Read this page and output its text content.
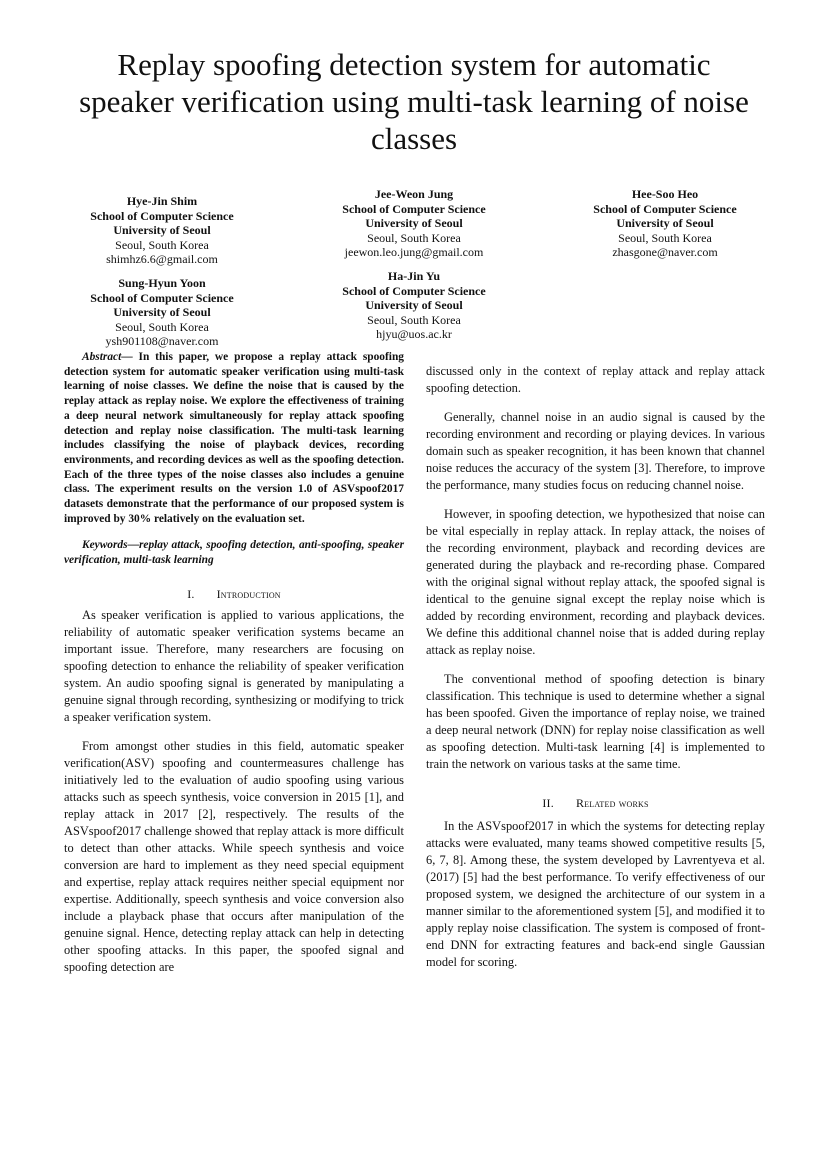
Replay spoofing detection system for automatic speaker verification using multi-task learning of noise classes
Hye-Jin Shim
School of Computer Science
University of Seoul
Seoul, South Korea
shimhz6.6@gmail.com
Jee-Weon Jung
School of Computer Science
University of Seoul
Seoul, South Korea
jeewon.leo.jung@gmail.com
Hee-Soo Heo
School of Computer Science
University of Seoul
Seoul, South Korea
zhasgone@naver.com
Sung-Hyun Yoon
School of Computer Science
University of Seoul
Seoul, South Korea
ysh901108@naver.com
Ha-Jin Yu
School of Computer Science
University of Seoul
Seoul, South Korea
hjyu@uos.ac.kr

Abstract— In this paper, we propose a replay attack spoofing detection system for automatic speaker verification using multi-task learning of noise classes. We define the noise that is caused by the replay attack as replay noise. We explore the effectiveness of training a deep neural network simultaneously for replay attack spoofing detection and replay noise classification. The multi-task learning includes classifying the noise of playback devices, recording environments, and recording devices as well as the spoofing detection. Each of the three types of the noise classes also includes a genuine class. The experiment results on the version 1.0 of ASVspoof2017 datasets demonstrate that the performance of our proposed system is improved by 30% relatively on the evaluation set.

Keywords—replay attack, spoofing detection, anti-spoofing, speaker verification, multi-task learning

I. Introduction

As speaker verification is applied to various applications, the reliability of automatic speaker verification systems became an important issue. Therefore, many researchers are focusing on spoofing detection to enhance the reliability of speaker verification system. An audio spoofing signal is generated by manipulating a genuine signal through recording, synthesizing or modifying to trick a speaker verification system.

From amongst other studies in this field, automatic speaker verification(ASV) spoofing and countermeasures challenge has initiatively led to the evaluation of audio spoofing using various attacks such as speech synthesis, voice conversion in 2015 [1], and replay attack in 2017 [2], respectively. The results of the ASVspoof2017 challenge showed that replay attack is more difficult to detect than other attacks. While speech synthesis and voice conversion are hard to implement as they need special equipment and expertise, replay attack requires neither special equipment nor expertise. Additionally, speech synthesis and voice conversion also include a playback phase that occurs after manipulation of the genuine signal. Hence, detecting replay attack can help in detecting other spoofing attacks. In this paper, the spoofed signal and spoofing detection are

discussed only in the context of replay attack and replay attack spoofing detection.

Generally, channel noise in an audio signal is caused by the recording environment and recording or playing devices. In various domain such as speaker recognition, it has been known that channel noise reduces the accuracy of the system [3]. Therefore, to improve the performance, many studies focus on reducing channel noise.

However, in spoofing detection, we hypothesized that noise can be vital especially in replay attack. In replay attack, the noises of the recording environment, playback and recording devices are generated during the playback and re-recording phase. Compared with the original signal without replay attack, the spoofed signal is identical to the genuine signal except the replay noise which is added by recording environment, recording and playback devices. We define this additional channel noise that is added during replay attack as replay noise.

The conventional method of spoofing detection is binary classification. This technique is used to determine whether a signal has been spoofed. Given the importance of replay noise, we trained a deep neural network (DNN) for replay noise classification as well as spoofing detection. Multi-task learning [4] is implemented to train the network on various tasks at the same time.

II. Related works

In the ASVspoof2017 in which the systems for detecting replay attacks were evaluated, many teams showed competitive results [5, 6, 7, 8]. Among these, the system developed by Lavrentyeva et al. (2017) [5] had the best performance. To verify effectiveness of our proposed system, we designed the architecture of our system in a manner similar to the aforementioned system [5], and modified it to apply replay noise classification. The system is composed of front-end DNN for extracting features and back-end single Gaussian model for scoring.
